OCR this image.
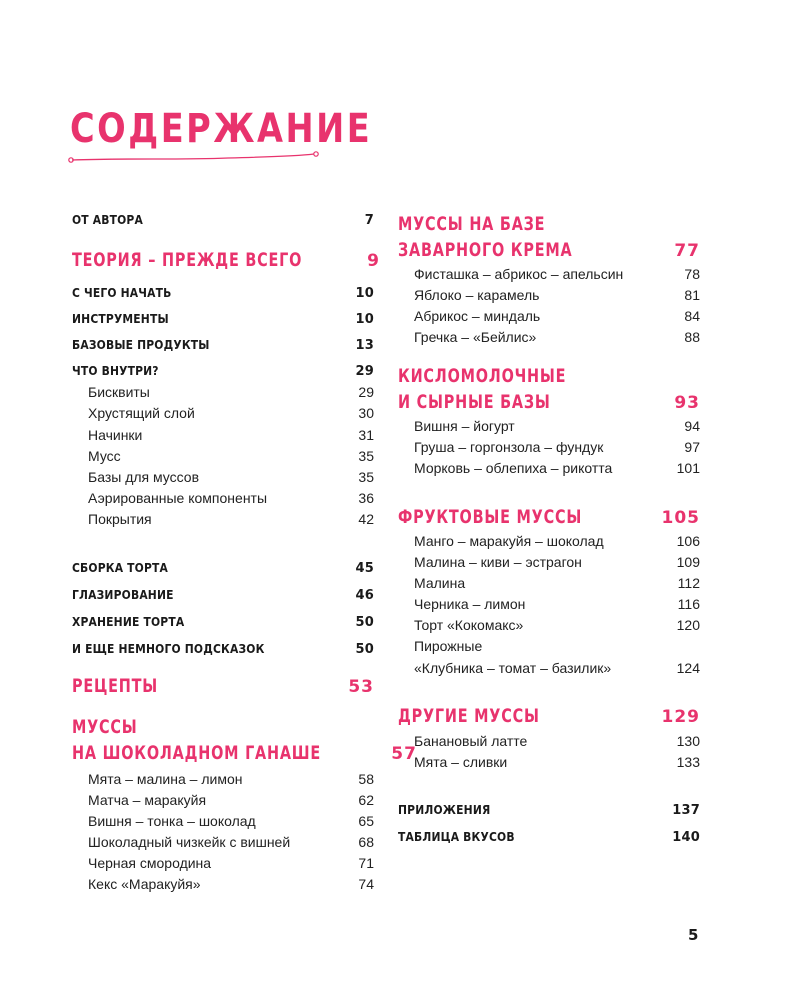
СОДЕРЖАНИЕ
ОТ АВТОРА	7
ТЕОРИЯ – ПРЕЖДЕ ВСЕГО	9
С ЧЕГО НАЧАТЬ	10
ИНСТРУМЕНТЫ	10
БАЗОВЫЕ ПРОДУКТЫ	13
ЧТО ВНУТРИ?	29
Бисквиты	29
Хрустящий слой	30
Начинки	31
Мусс	35
Базы для муссов	35
Аэрированные компоненты	36
Покрытия	42
СБОРКА ТОРТА	45
ГЛАЗИРОВАНИЕ	46
ХРАНЕНИЕ ТОРТА	50
И ЕЩЕ НЕМНОГО ПОДСКАЗОК	50
РЕЦЕПТЫ	53
МУССЫ
НА ШОКОЛАДНОМ ГАНАШЕ	57
Мята – малина – лимон	58
Матча – маракуйя	62
Вишня – тонка – шоколад	65
Шоколадный чизкейк с вишней	68
Черная смородина	71
Кекс «Маракуйя»	74
МУССЫ НА БАЗЕ
ЗАВАРНОГО КРЕМА	77
Фисташка – абрикос – апельсин	78
Яблоко – карамель	81
Абрикос – миндаль	84
Гречка – «Бейлис»	88
КИСЛОМОЛОЧНЫЕ
И СЫРНЫЕ БАЗЫ	93
Вишня – йогурт	94
Груша – горгонзола – фундук	97
Морковь – облепиха – рикотта	101
ФРУКТОВЫЕ МУССЫ	105
Манго – маракуйя – шоколад	106
Малина – киви – эстрагон	109
Малина	112
Черника – лимон	116
Торт «Кокомакс»	120
Пирожные
«Клубника – томат – базилик»	124
ДРУГИЕ МУССЫ	129
Банановый латте	130
Мята – сливки	133
ПРИЛОЖЕНИЯ	137
ТАБЛИЦА ВКУСОВ	140
5
